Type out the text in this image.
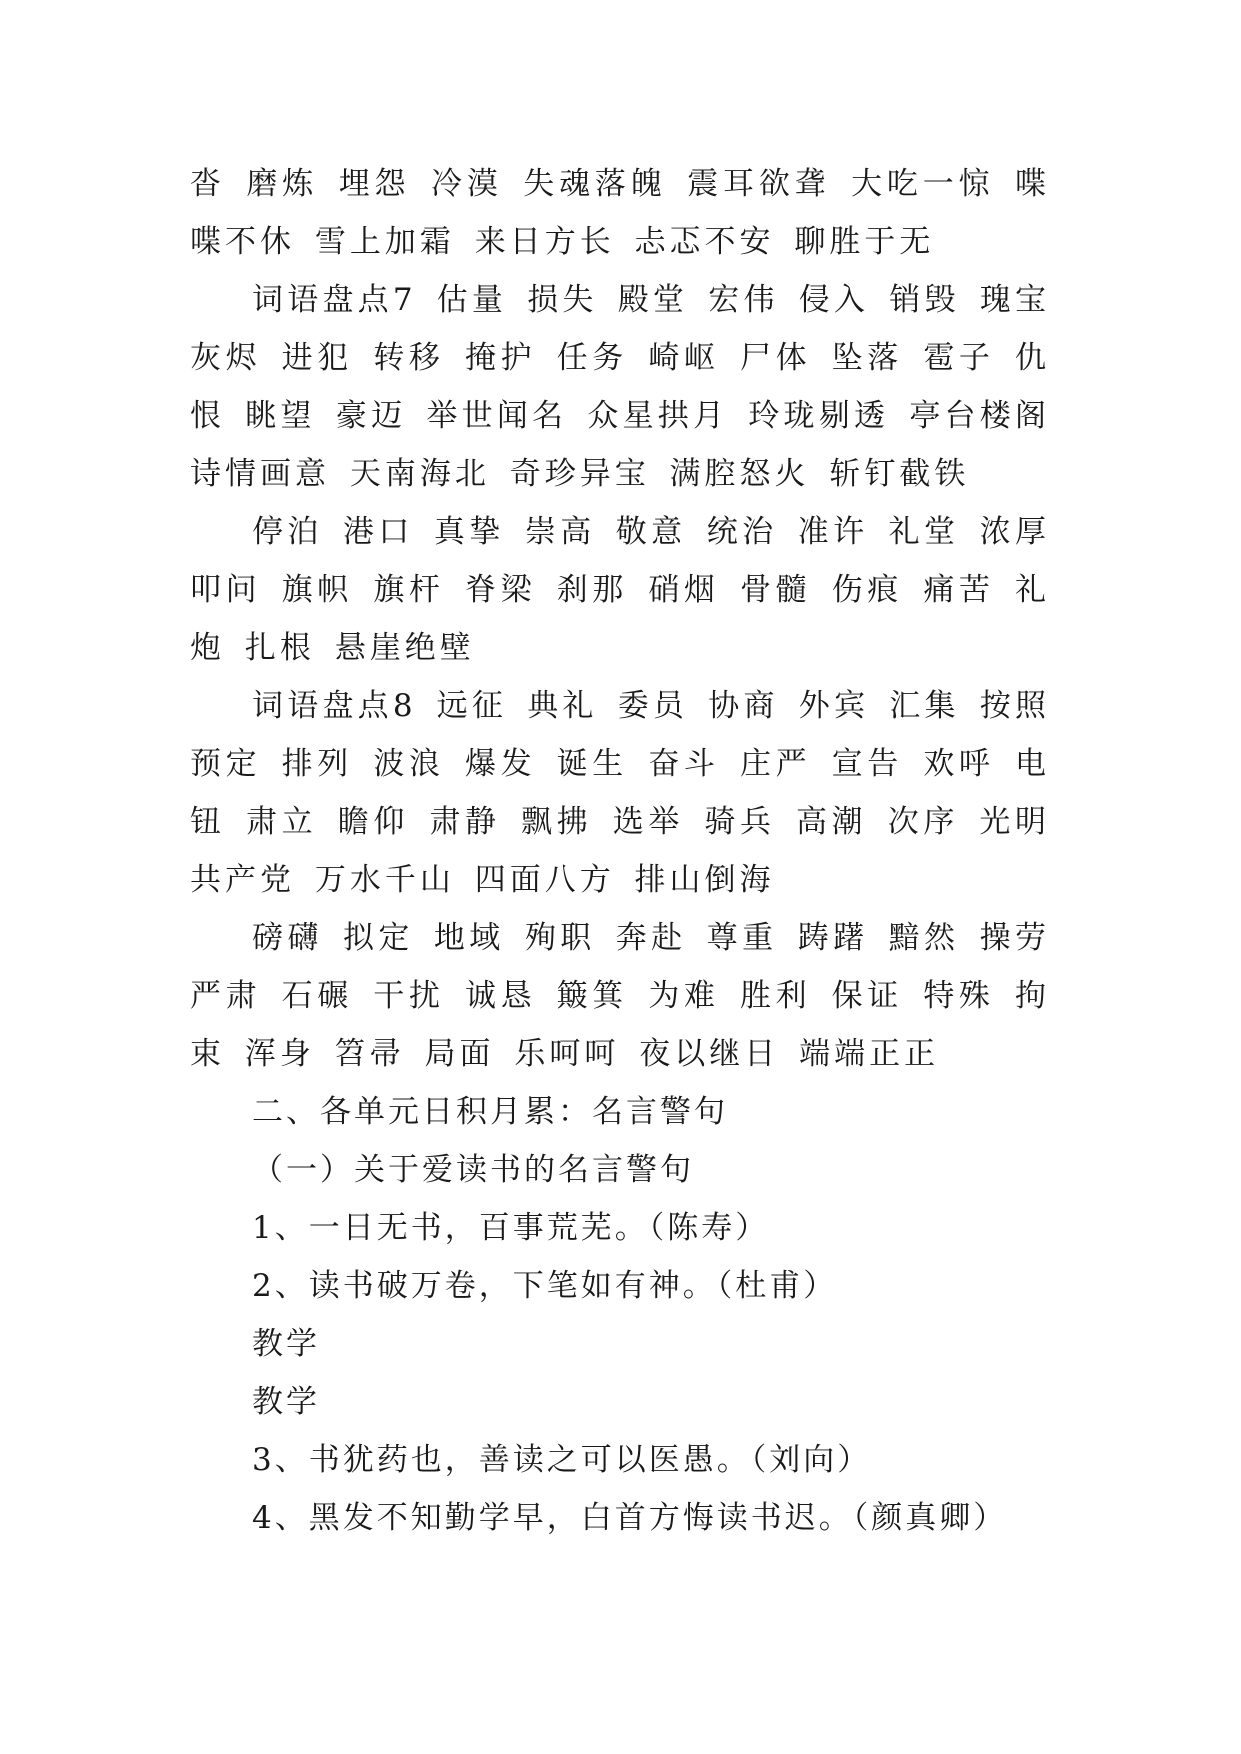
沓 磨炼 埋怨 冷漠 失魂落魄 震耳欲聋 大吃一惊 喋喋不休 雪上加霜 来日方长 忐忑不安 聊胜于无

词语盘点7 估量 损失 殿堂 宏伟 侵入 销毁 瑰宝 灰烬 进犯 转移 掩护 任务 崎岖 尸体 坠落 雹子 仇恨 眺望 豪迈 举世闻名 众星拱月 玲珑剔透 亭台楼阁 诗情画意 天南海北 奇珍异宝 满腔怒火 斩钉截铁

停泊 港口 真挚 崇高 敬意 统治 准许 礼堂 浓厚 叩问 旗帜 旗杆 脊梁 刹那 硝烟 骨髓 伤痕 痛苦 礼炮 扎根 悬崖绝壁

词语盘点8 远征 典礼 委员 协商 外宾 汇集 按照 预定 排列 波浪 爆发 诞生 奋斗 庄严 宣告 欢呼 电钮 肃立 瞻仰 肃静 飘拂 选举 骑兵 高潮 次序 光明 共产党 万水千山 四面八方 排山倒海

磅礴 拟定 地域 殉职 奔赴 尊重 踌躇 黯然 操劳 严肃 石碾 干扰 诚恳 簸箕 为难 胜利 保证 特殊 拘束 浑身 笤帚 局面 乐呵呵 夜以继日 端端正正

二、各单元日积月累：名言警句

（一）关于爱读书的名言警句

1、一日无书，百事荒芜。（陈寿）

2、读书破万卷，下笔如有神。（杜甫）

教学

教学

3、书犹药也，善读之可以医愚。（刘向）

4、黑发不知勤学早，白首方悔读书迟。（颜真卿）
